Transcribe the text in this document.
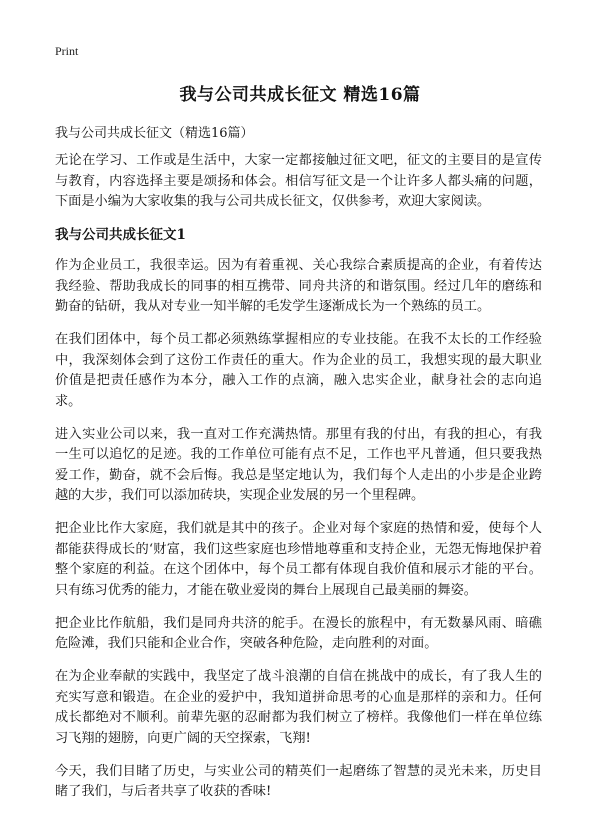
Print
我与公司共成长征文 精选16篇
我与公司共成长征文（精选16篇）

无论在学习、工作或是生活中，大家一定都接触过征文吧，征文的主要目的是宣传与教育，内容选择主要是颂扬和体会。相信写征文是一个让许多人都头痛的问题，下面是小编为大家收集的我与公司共成长征文，仅供参考，欢迎大家阅读。

我与公司共成长征文1

作为企业员工，我很幸运。因为有着重视、关心我综合素质提高的企业，有着传达我经验、帮助我成长的同事的相互携带、同舟共济的和谐氛围。经过几年的磨练和勤奋的钻研，我从对专业一知半解的毛发学生逐渐成长为一个熟练的员工。

在我们团体中，每个员工都必须熟练掌握相应的专业技能。在我不太长的工作经验中，我深刻体会到了这份工作责任的重大。作为企业的员工，我想实现的最大职业价值是把责任感作为本分，融入工作的点滴，融入忠实企业，献身社会的志向追求。

进入实业公司以来，我一直对工作充满热情。那里有我的付出，有我的担心，有我一生可以追忆的足迹。我的工作单位可能有点不足，工作也平凡普通，但只要我热爱工作，勤奋，就不会后悔。我总是坚定地认为，我们每个人走出的小步是企业跨越的大步，我们可以添加砖块，实现企业发展的另一个里程碑。

把企业比作大家庭，我们就是其中的孩子。企业对每个家庭的热情和爱，使每个人都能获得成长的‘财富，我们这些家庭也珍惜地尊重和支持企业，无怨无悔地保护着整个家庭的利益。在这个团体中，每个员工都有体现自我价值和展示才能的平台。只有练习优秀的能力，才能在敬业爱岗的舞台上展现自己最美丽的舞姿。

把企业比作航船，我们是同舟共济的舵手。在漫长的旅程中，有无数暴风雨、暗礁危险滩，我们只能和企业合作，突破各种危险，走向胜利的对面。

在为企业奉献的实践中，我坚定了战斗浪潮的自信在挑战中的成长，有了我人生的充实写意和锻造。在企业的爱护中，我知道拼命思考的心血是那样的亲和力。任何成长都绝对不顺利。前辈先驱的忍耐都为我们树立了榜样。我像他们一样在单位练习飞翔的翅膀，向更广阔的天空探索，飞翔!

今天，我们目睹了历史，与实业公司的精英们一起磨练了智慧的灵光未来，历史目睹了我们，与后者共享了收获的香味!
